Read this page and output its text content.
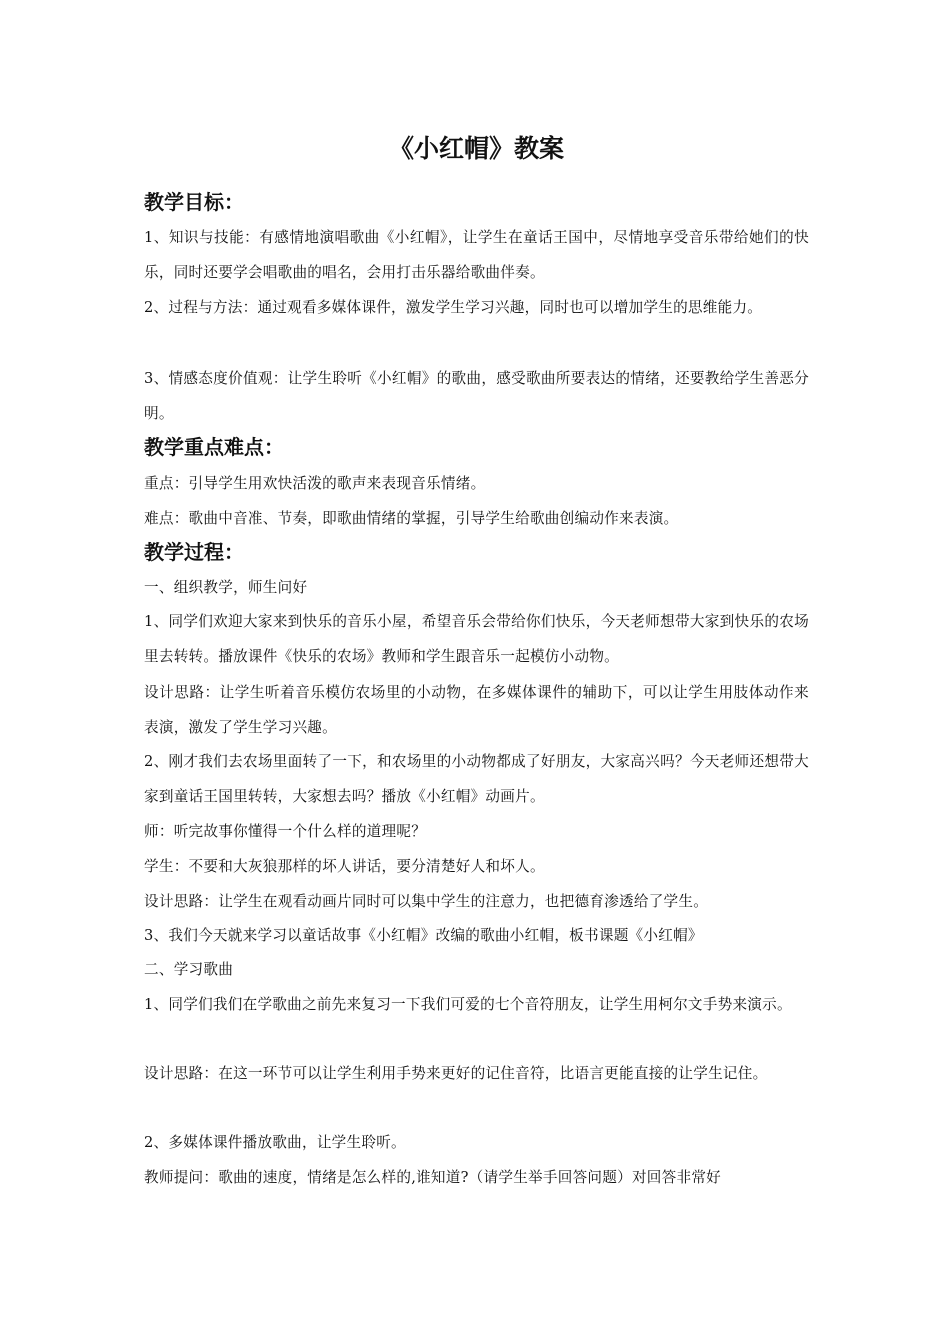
《小红帽》教案
教学目标：

1、知识与技能：有感情地演唱歌曲《小红帽》，让学生在童话王国中，尽情地享受音乐带给她们的快乐，同时还要学会唱歌曲的唱名，会用打击乐器给歌曲伴奏。

2、过程与方法：通过观看多媒体课件，激发学生学习兴趣，同时也可以增加学生的思维能力。

3、情感态度价值观：让学生聆听《小红帽》的歌曲，感受歌曲所要表达的情绪，还要教给学生善恶分明。

教学重点难点：

重点：引导学生用欢快活泼的歌声来表现音乐情绪。

难点：歌曲中音准、节奏，即歌曲情绪的掌握，引导学生给歌曲创编动作来表演。

教学过程：

一、组织教学，师生问好

1、同学们欢迎大家来到快乐的音乐小屋，希望音乐会带给你们快乐，今天老师想带大家到快乐的农场里去转转。播放课件《快乐的农场》教师和学生跟音乐一起模仿小动物。

设计思路：让学生听着音乐模仿农场里的小动物，在多媒体课件的辅助下，可以让学生用肢体动作来表演，激发了学生学习兴趣。

2、刚才我们去农场里面转了一下，和农场里的小动物都成了好朋友，大家高兴吗？今天老师还想带大家到童话王国里转转，大家想去吗？播放《小红帽》动画片。

师：听完故事你懂得一个什么样的道理呢？

学生：不要和大灰狼那样的坏人讲话，要分清楚好人和坏人。

设计思路：让学生在观看动画片同时可以集中学生的注意力，也把德育渗透给了学生。

3、我们今天就来学习以童话故事《小红帽》改编的歌曲小红帽，板书课题《小红帽》

二、学习歌曲

1、同学们我们在学歌曲之前先来复习一下我们可爱的七个音符朋友，让学生用柯尔文手势来演示。

设计思路：在这一环节可以让学生利用手势来更好的记住音符，比语言更能直接的让学生记住。

2、多媒体课件播放歌曲，让学生聆听。

教师提问：歌曲的速度，情绪是怎么样的,谁知道?（请学生举手回答问题）对回答非常好
